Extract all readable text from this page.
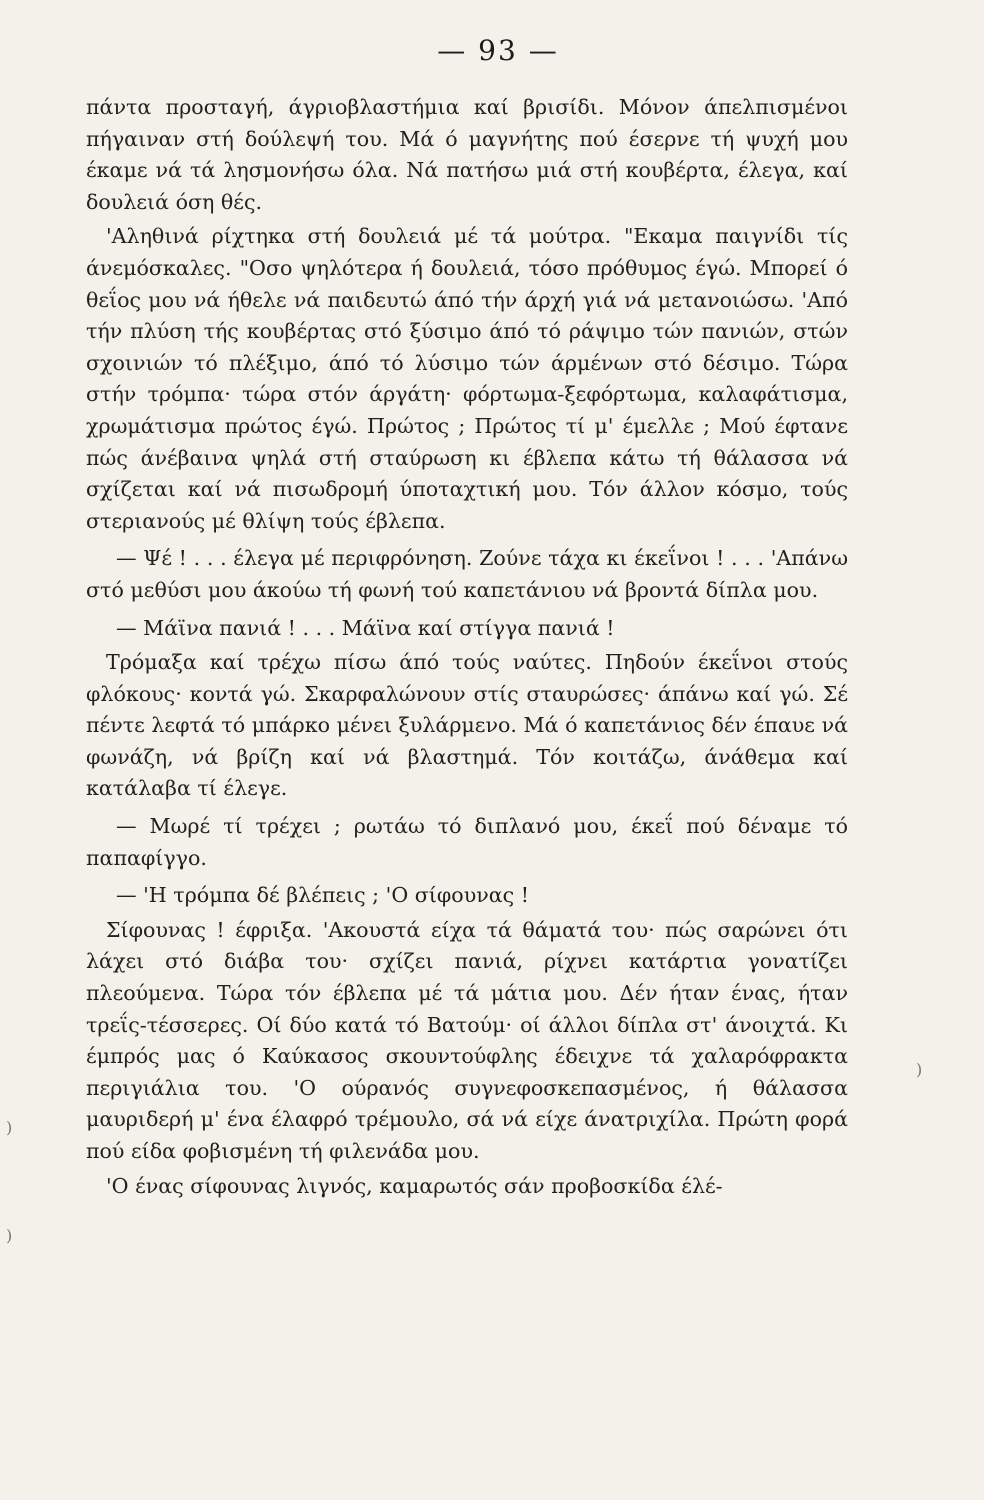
— 93 —

πάντα προσταγή, άγριοβλαστήμια καί βρισίδι. Μόνον άπελπισμένοι πήγαιναν στή δούλεψή του. Μά ό μαγνήτης πού έσερνε τή ψυχή μου έκαμε νά τά λησμονήσω όλα. Νά πατήσω μιά στή κουβέρτα, έλεγα, καί δουλειά όση θές.

'Αληθινά ρίχτηκα στή δουλειά μέ τά μούτρα. "Εκαμα παιγνίδι τίς άνεμόσκαλες. "Οσο ψηλότερα ή δουλειά, τόσο πρόθυμος έγώ. Μπορεί ό θεΐος μου νά ήθελε νά παιδευτώ άπό τήν άρχή γιά νά μετανοιώσω. 'Από τήν πλύση τής κουβέρτας στό ξύσιμο άπό τό ράψιμο τών πανιών, στών σχοινιών τό πλέξιμο, άπό τό λύσιμο τών άρμένων στό δέσιμο. Τώρα στήν τρόμπα· τώρα στόν άργάτη· φόρτωμα-ξεφόρτωμα, καλαφάτισμα, χρωμάτισμα πρώτος έγώ. Πρώτος ; Πρώτος τί μ' έμελλε ; Μού έφτανε πώς άνέβαινα ψηλά στή σταύρωση κι έβλεπα κάτω τή θάλασσα νά σχίζεται καί νά πισωδρομή ύποταχτική μου. Τόν άλλον κόσμο, τούς στεριανούς μέ θλίψη τούς έβλεπα.

— Ψέ ! . . . έλεγα μέ περιφρόνηση. Ζούνε τάχα κι έκεΐνοι ! . . . 'Απάνω στό μεθύσι μου άκούω τή φωνή τού καπετάνιου νά βροντά δίπλα μου.

— Μάϊνα πανιά ! . . . Μάϊνα καί στίγγα πανιά !

Τρόμαξα καί τρέχω πίσω άπό τούς ναύτες. Πηδούν έκεΐνοι στούς φλόκους· κοντά γώ. Σκαρφαλώνουν στίς σταυρώσες· άπάνω καί γώ. Σέ πέντε λεφτά τό μπάρκο μένει ξυλάρμενο. Μά ό καπετάνιος δέν έπαυε νά φωνάζη, νά βρίζη καί νά βλαστημά. Τόν κοιτάζω, άνάθεμα καί κατάλαβα τί έλεγε.

— Μωρέ τί τρέχει ; ρωτάω τό διπλανό μου, έκεΐ πού δέναμε τό παπαφίγγο.

— 'Η τρόμπα δέ βλέπεις ; 'Ο σίφουνας !

Σίφουνας ! έφριξα. 'Ακουστά είχα τά θάματά του· πώς σαρώνει ότι λάχει στό διάβα του· σχίζει πανιά, ρίχνει κατάρτια γονατίζει πλεούμενα. Τώρα τόν έβλεπα μέ τά μάτια μου. Δέν ήταν ένας, ήταν τρεΐς-τέσσερες. Οί δύο κατά τό Βατούμ· οί άλλοι δίπλα στ' άνοιχτά. Κι έμπρός μας ό Καύκασος σκουντούφλης έδειχνε τά χαλαρόφρακτα περιγιάλια του. 'Ο ούρανός συγνεφοσκεπασμένος, ή θάλασσα μαυριδερή μ' ένα έλαφρό τρέμουλο, σά νά είχε άνατριχίλα. Πρώτη φορά πού είδα φοβισμένη τή φιλενάδα μου.

'Ο ένας σίφουνας λιγνός, καμαρωτός σάν προβοσκίδα έλέ-

)
)
)
